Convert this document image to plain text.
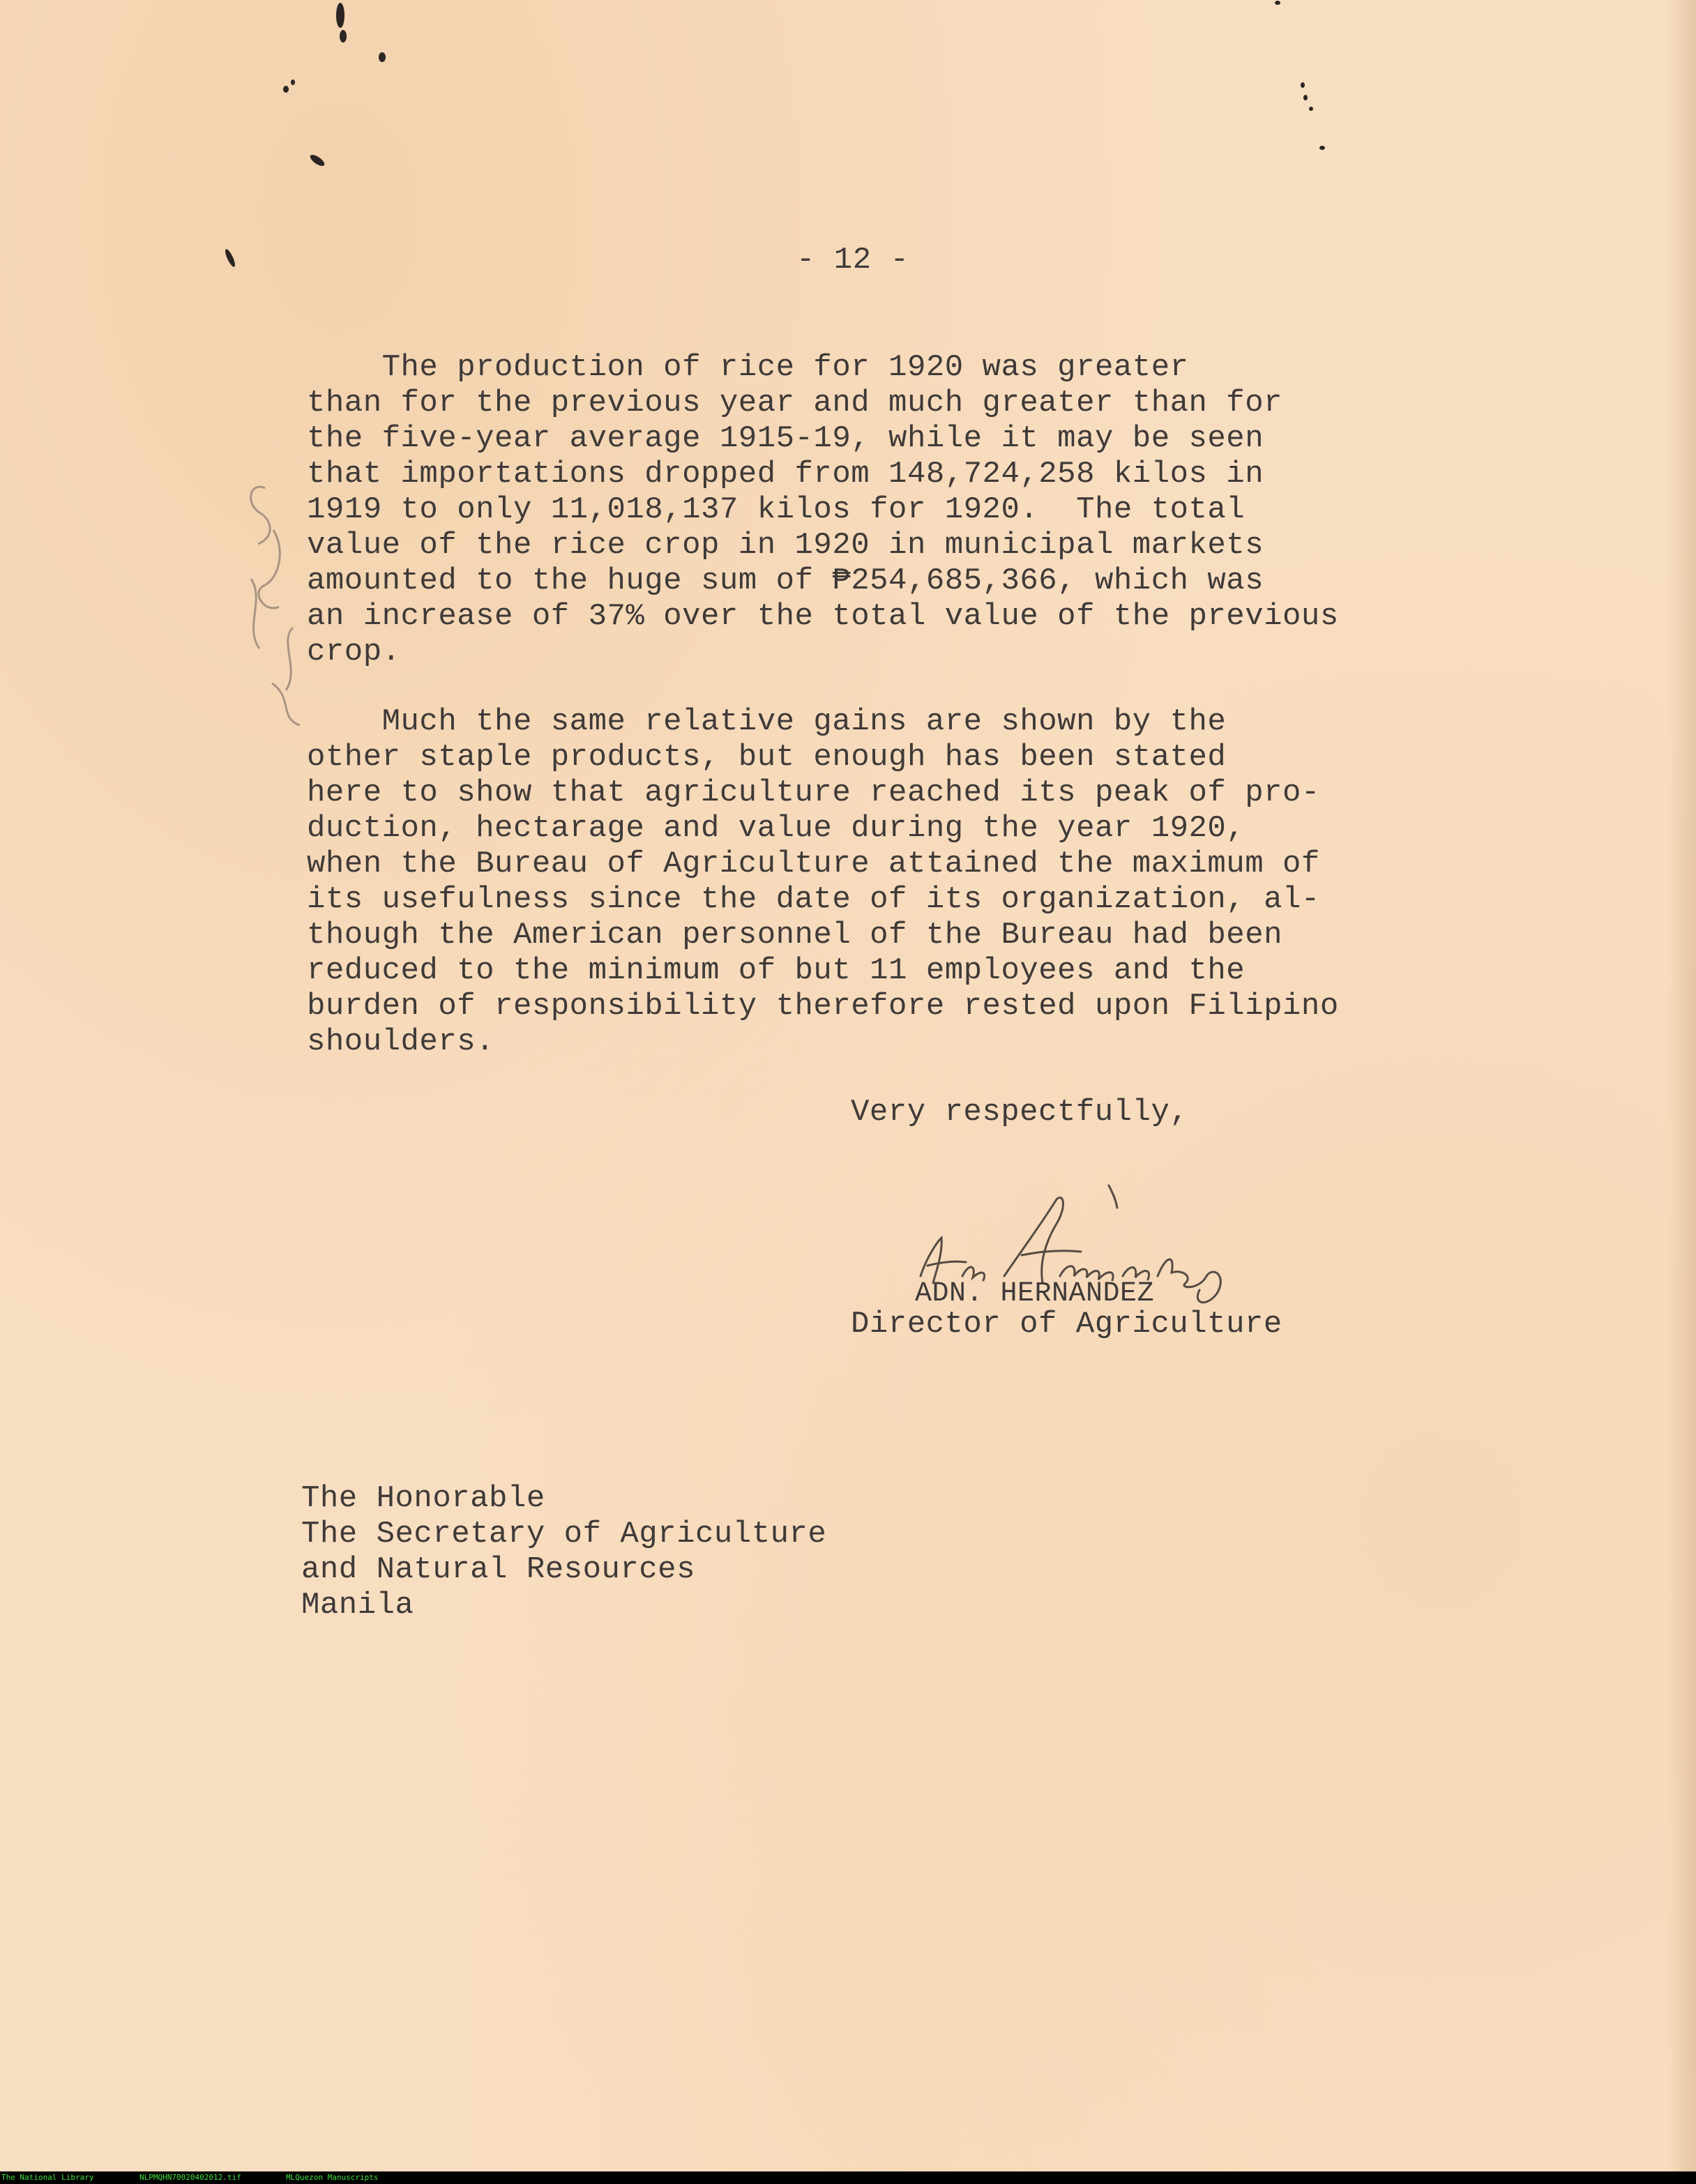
- 12 -
The production of rice for 1920 was greater
than for the previous year and much greater than for
the five-year average 1915-19, while it may be seen
that importations dropped from 148,724,258 kilos in
1919 to only 11,018,137 kilos for 1920.  The total
value of the rice crop in 1920 in municipal markets
amounted to the huge sum of ₱254,685,366, which was
an increase of 37% over the total value of the previous
crop.
Much the same relative gains are shown by the
other staple products, but enough has been stated
here to show that agriculture reached its peak of pro-
duction, hectarage and value during the year 1920,
when the Bureau of Agriculture attained the maximum of
its usefulness since the date of its organization, al-
though the American personnel of the Bureau had been
reduced to the minimum of but 11 employees and the
burden of responsibility therefore rested upon Filipino
shoulders.
Very respectfully,
ADN. HERNANDEZ
Director of Agriculture
The Honorable
The Secretary of Agriculture
and Natural Resources
Manila
The National Library	NLPMQHN70020402012.tif	MLQuezon Manuscripts
